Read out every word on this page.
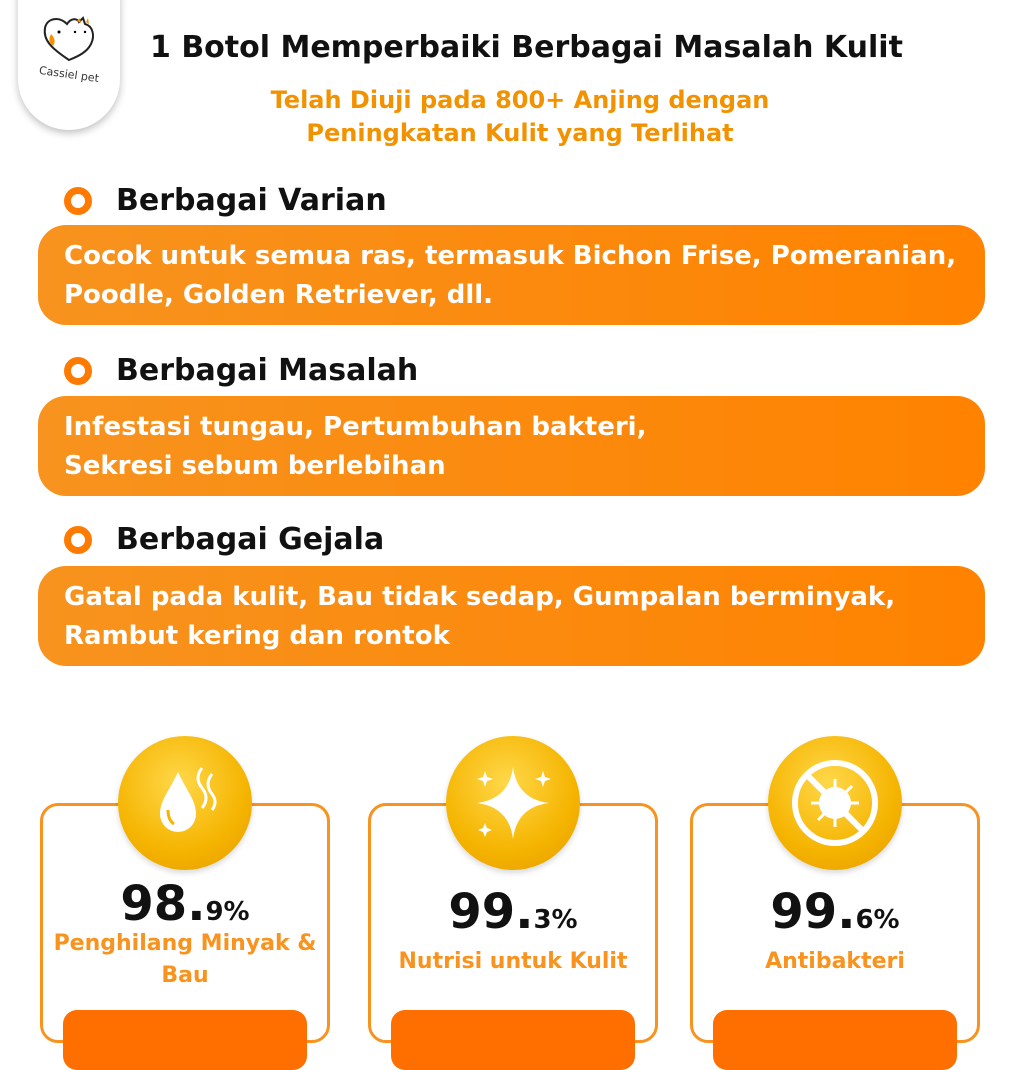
Cassiel pet
1 Botol Memperbaiki Berbagai Masalah Kulit
Telah Diuji pada 800+ Anjing dengan
Peningkatan Kulit yang Terlihat
Berbagai Varian
Cocok untuk semua ras, termasuk Bichon Frise, Pomeranian,
Poodle, Golden Retriever, dll.
Berbagai Masalah
Infestasi tungau, Pertumbuhan bakteri,
Sekresi sebum berlebihan
Berbagai Gejala
Gatal pada kulit, Bau tidak sedap, Gumpalan berminyak,
Rambut kering dan rontok
98.9%
Penghilang Minyak & Bau
99.3%
Nutrisi untuk Kulit
99.6%
Antibakteri
